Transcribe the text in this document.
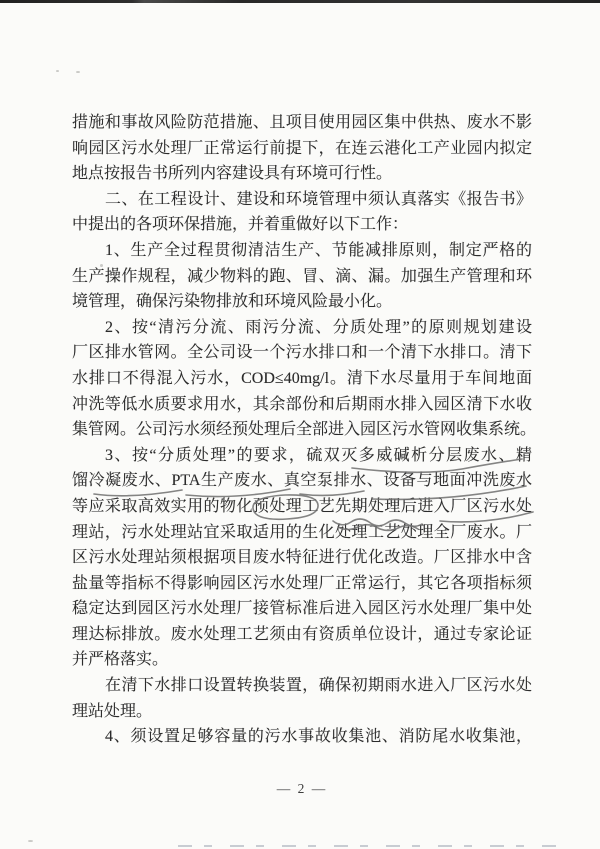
措施和事故风险防范措施、且项目使用园区集中供热、废水不影
响园区污水处理厂正常运行前提下，在连云港化工产业园内拟定
地点按报告书所列内容建设具有环境可行性。
二、在工程设计、建设和环境管理中须认真落实《报告书》
中提出的各项环保措施，并着重做好以下工作：
1、生产全过程贯彻清洁生产、节能减排原则，制定严格的
生产操作规程，减少物料的跑、冒、滴、漏。加强生产管理和环
境管理，确保污染物排放和环境风险最小化。
2、按“清污分流、雨污分流、分质处理”的原则规划建设
厂区排水管网。全公司设一个污水排口和一个清下水排口。清下
水排口不得混入污水，COD≤40mg/l。清下水尽量用于车间地面
冲洗等低水质要求用水，其余部份和后期雨水排入园区清下水收
集管网。公司污水须经预处理后全部进入园区污水管网收集系统。
3、按“分质处理”的要求，硫双灭多威碱析分层废水、精
馏冷凝废水、PTA生产废水、真空泵排水、设备与地面冲洗废水
等应采取高效实用的物化预处理工艺先期处理后进入厂区污水处
理站，污水处理站宜采取适用的生化处理工艺处理全厂废水。厂
区污水处理站须根据项目废水特征进行优化改造。厂区排水中含
盐量等指标不得影响园区污水处理厂正常运行，其它各项指标须
稳定达到园区污水处理厂接管标准后进入园区污水处理厂集中处
理达标排放。废水处理工艺须由有资质单位设计，通过专家论证
并严格落实。
在清下水排口设置转换装置，确保初期雨水进入厂区污水处
理站处理。
4、须设置足够容量的污水事故收集池、消防尾水收集池，
— 2 —
